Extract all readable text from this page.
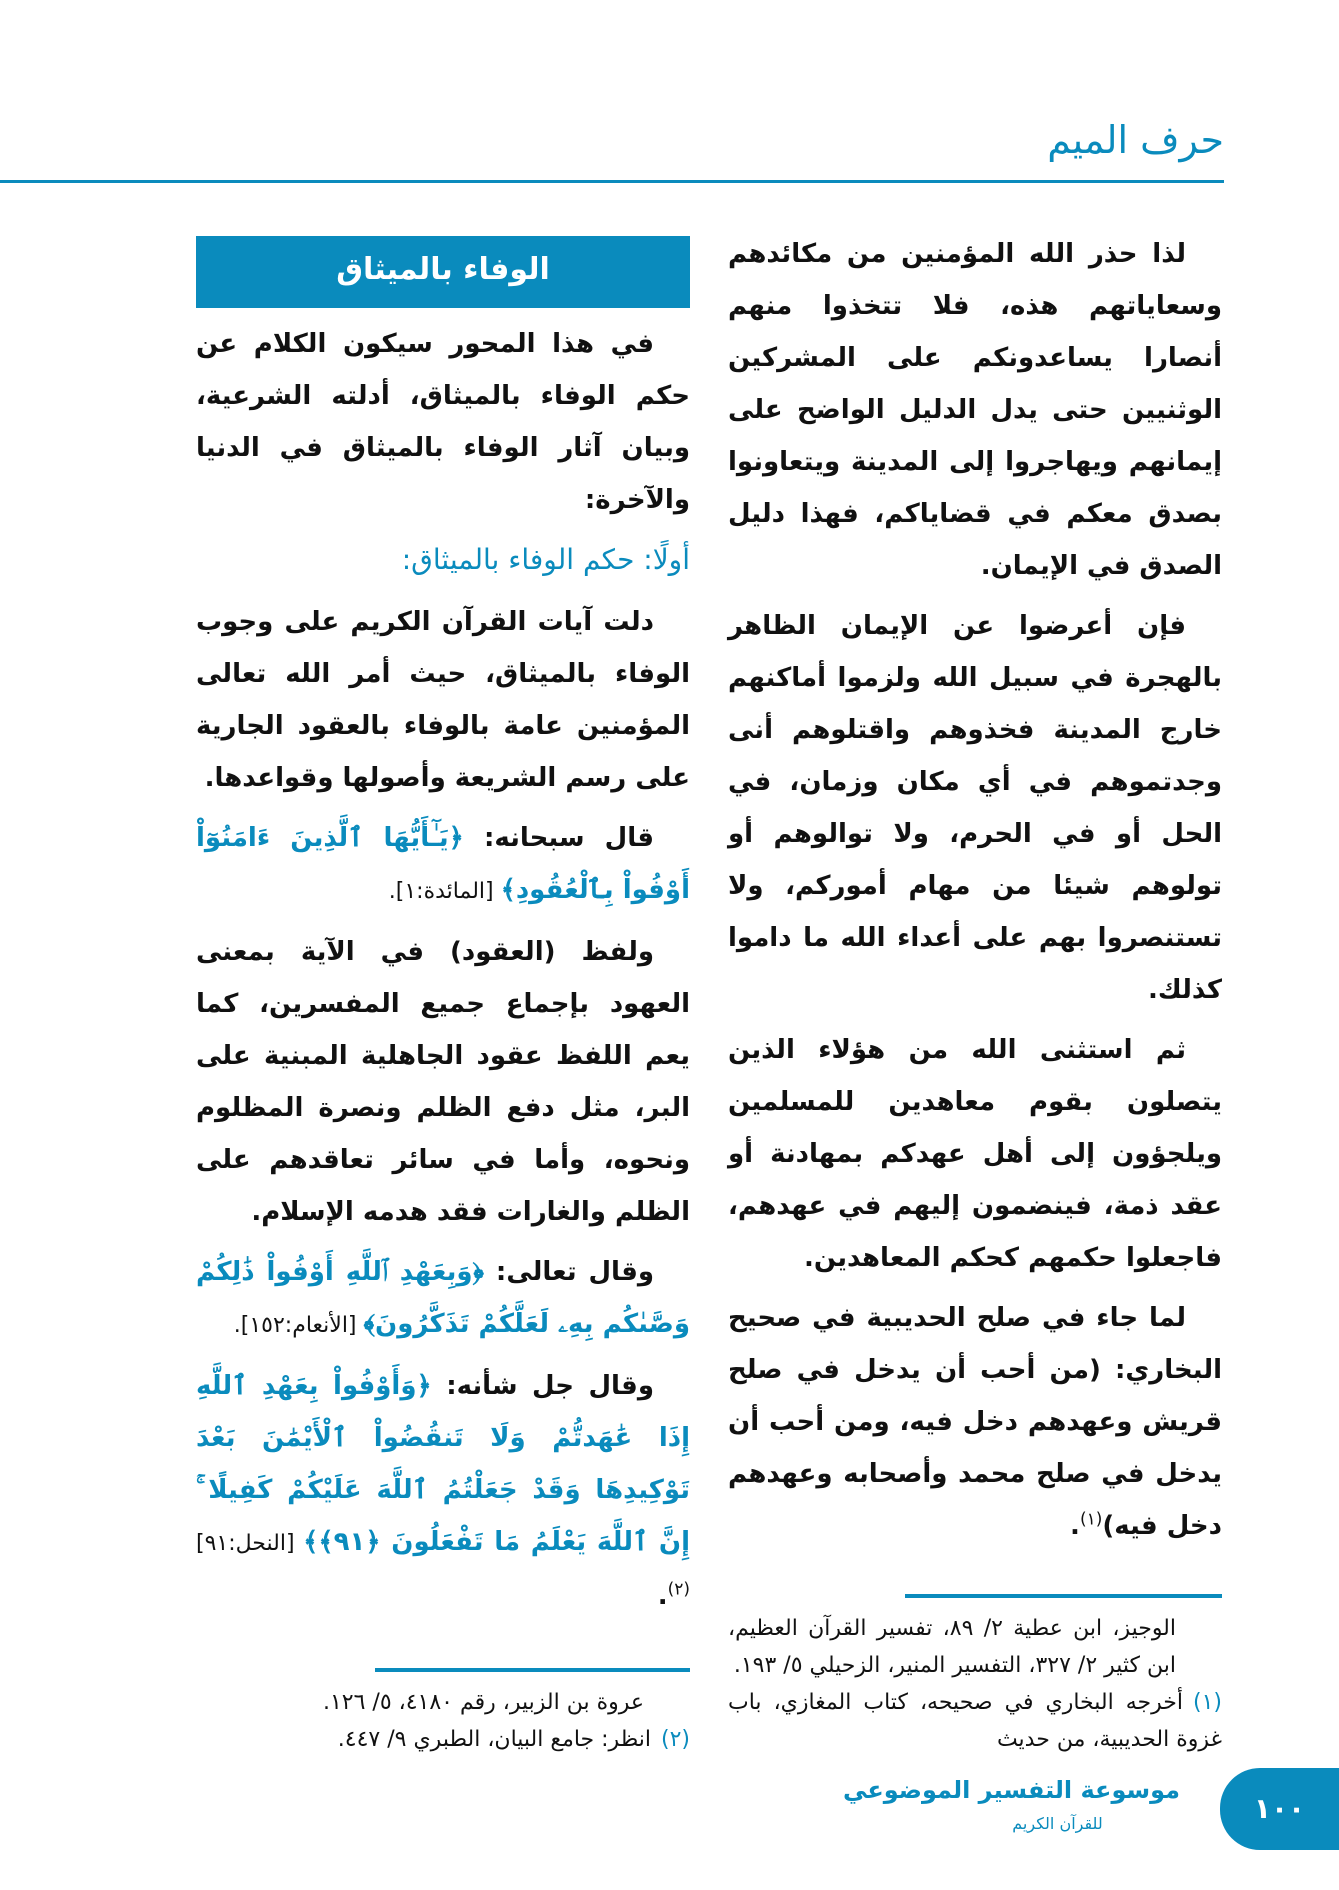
حرف الميم

لذا حذر الله المؤمنين من مكائدهم وسعاياتهم هذه، فلا تتخذوا منهم أنصارا يساعدونكم على المشركين الوثنيين حتى يدل الدليل الواضح على إيمانهم ويهاجروا إلى المدينة ويتعاونوا بصدق معكم في قضاياكم، فهذا دليل الصدق في الإيمان.

فإن أعرضوا عن الإيمان الظاهر بالهجرة في سبيل الله ولزموا أماكنهم خارج المدينة فخذوهم واقتلوهم أنى وجدتموهم في أي مكان وزمان، في الحل أو في الحرم، ولا توالوهم أو تولوهم شيئا من مهام أموركم، ولا تستنصروا بهم على أعداء الله ما داموا كذلك.

ثم استثنى الله من هؤلاء الذين يتصلون بقوم معاهدين للمسلمين ويلجؤون إلى أهل عهدكم بمهادنة أو عقد ذمة، فينضمون إليهم في عهدهم، فاجعلوا حكمهم كحكم المعاهدين.

لما جاء في صلح الحديبية في صحيح البخاري: (من أحب أن يدخل في صلح قريش وعهدهم دخل فيه، ومن أحب أن يدخل في صلح محمد وأصحابه وعهدهم دخل فيه)$^{(١)}$.

الوجيز، ابن عطية ٢/ ٨٩، تفسير القرآن العظيم، ابن كثير ٢/ ٣٢٧، التفسير المنير، الزحيلي ٥/ ١٩٣.

(١)أخرجه البخاري في صحيحه، كتاب المغازي، باب غزوة الحديبية، من حديث

الوفاء بالميثاق

في هذا المحور سيكون الكلام عن حكم الوفاء بالميثاق، أدلته الشرعية، وبيان آثار الوفاء بالميثاق في الدنيا والآخرة:

أولًا: حكم الوفاء بالميثاق:

دلت آيات القرآن الكريم على وجوب الوفاء بالميثاق، حيث أمر الله تعالى المؤمنين عامة بالوفاء بالعقود الجارية على رسم الشريعة وأصولها وقواعدها.

قال سبحانه: ﴿يَـٰٓأَيُّهَا ٱلَّذِينَ ءَامَنُوٓاْ أَوْفُواْ بِٱلْعُقُودِ﴾ [المائدة:١].

ولفظ (العقود) في الآية بمعنى العهود بإجماع جميع المفسرين، كما يعم اللفظ عقود الجاهلية المبنية على البر، مثل دفع الظلم ونصرة المظلوم ونحوه، وأما في سائر تعاقدهم على الظلم والغارات فقد هدمه الإسلام.

وقال تعالى: ﴿وَبِعَهْدِ ٱللَّهِ أَوْفُواْ ذَٰلِكُمْ وَصَّىٰكُم بِهِۦ لَعَلَّكُمْ تَذَكَّرُونَ﴾ [الأنعام:١٥٢].

وقال جل شأنه: ﴿وَأَوْفُواْ بِعَهْدِ ٱللَّهِ إِذَا عَٰهَدتُّمْ وَلَا تَنقُضُواْ ٱلْأَيْمَٰنَ بَعْدَ تَوْكِيدِهَا وَقَدْ جَعَلْتُمُ ٱللَّهَ عَلَيْكُمْ كَفِيلًا ۚ إِنَّ ٱللَّهَ يَعْلَمُ مَا تَفْعَلُونَ ﴿٩١﴾﴾ [النحل:٩١]$^{(٢)}$.

عروة بن الزبير، رقم ٤١٨٠، ٥/ ١٢٦.

(٢)انظر: جامع البيان، الطبري ٩/ ٤٤٧.

موسوعة التفسير الموضوعي
للقرآن الكريم	١٠٠
